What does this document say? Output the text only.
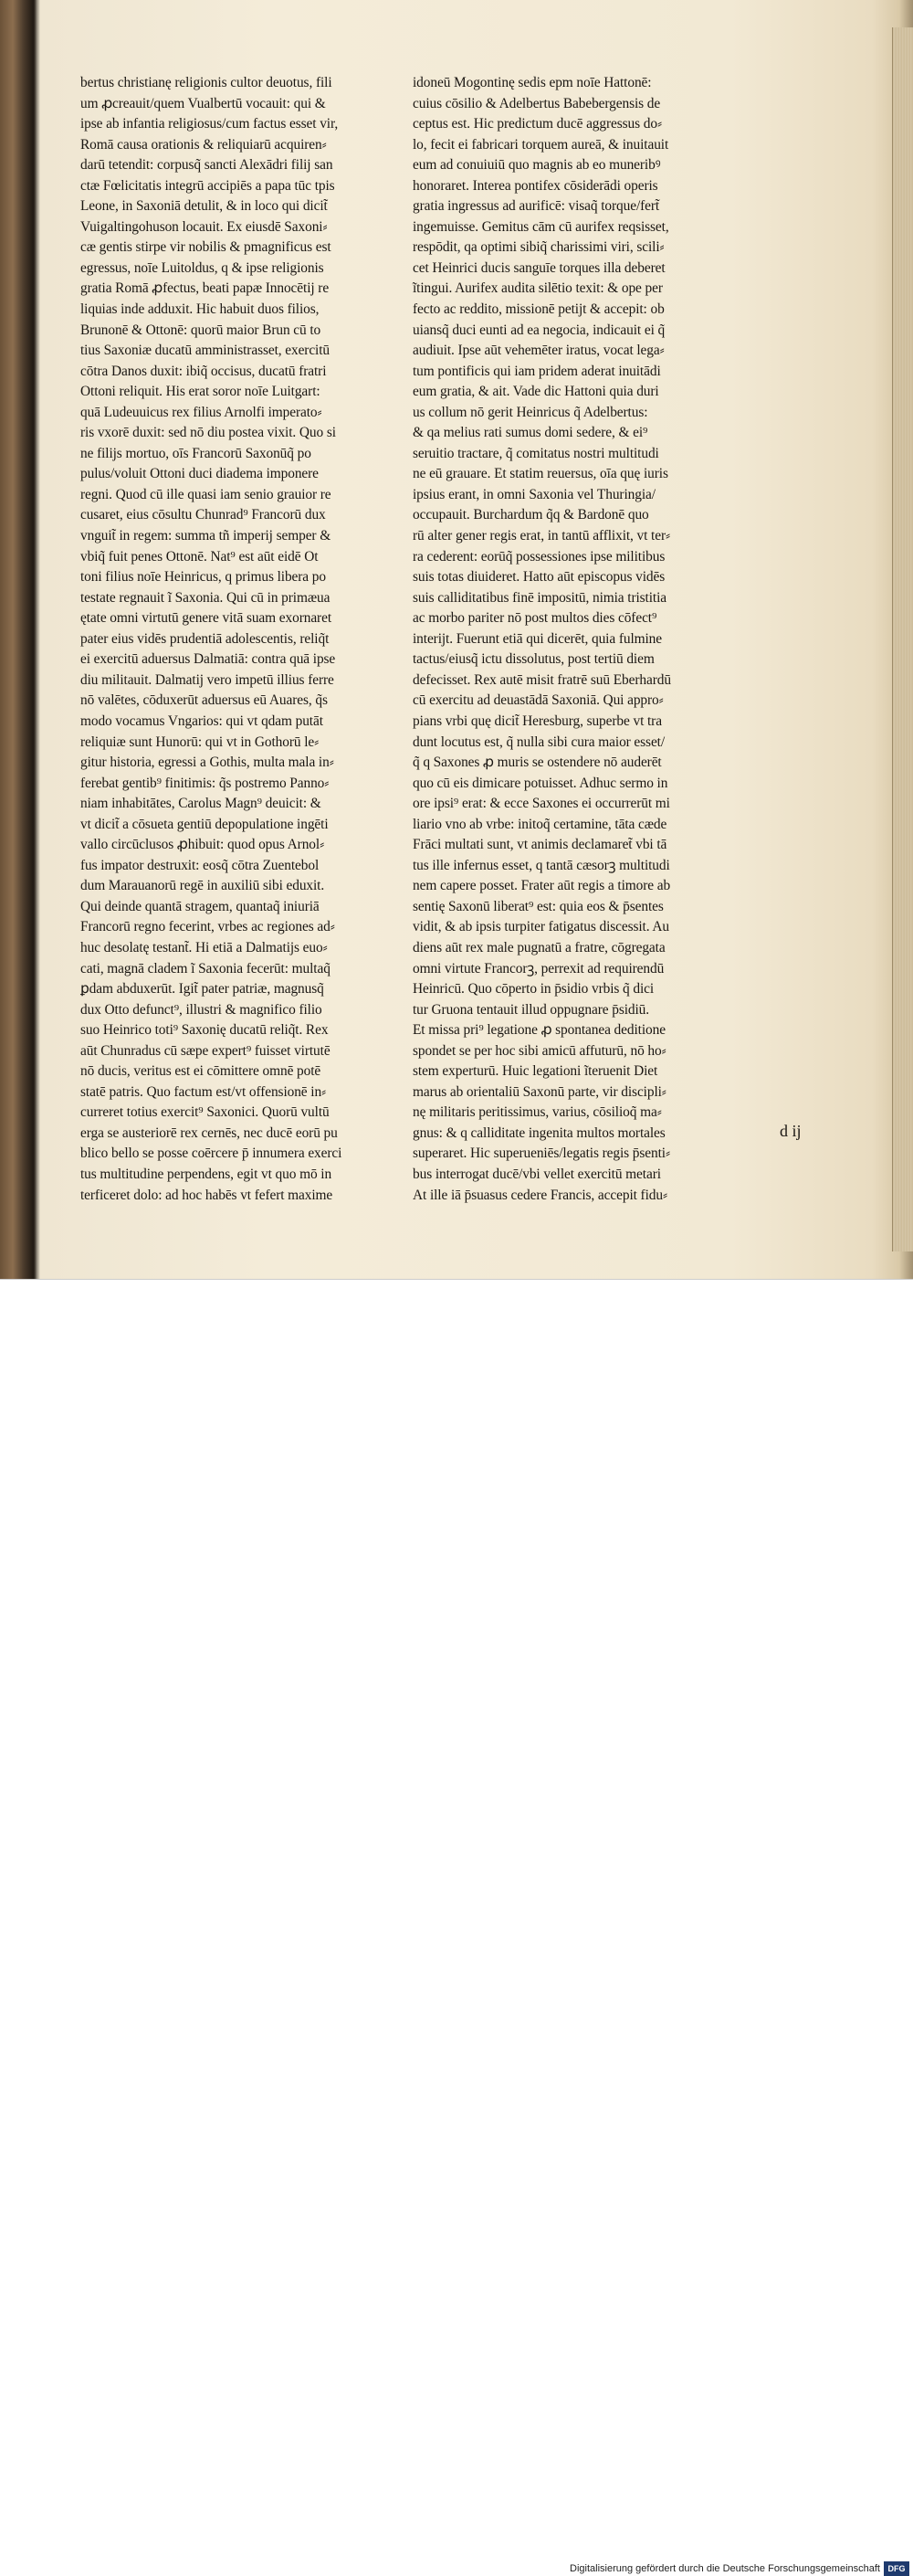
bertus christianę religionis cultor deuotus, fili
um ꝓcreauit/quem Vualbertū vocauit: qui &
ipse ab infantia religiosus/cum factus esset vir,
Romā causa orationis & reliquiarū acquiren⸗
darū tetendit: corpusq̃ sancti Alexādri filij san
ctæ Fœlicitatis integrū accipiēs a papa tūc tpis
Leone, in Saxoniā detulit, & in loco qui dicit̃
Vuigaltingohuson locauit. Ex eiusdē Saxoni⸗
cæ gentis stirpe vir nobilis & pmagnificus est
egressus, noīe Luitoldus, q & ipse religionis
gratia Romā ꝓfectus, beati papæ Innocētij re
liquias inde adduxit. Hic habuit duos filios,
Brunonē & Ottonē: quorū maior Brun cū to
tius Saxoniæ ducatū amministrasset, exercitū
cōtra Danos duxit: ibiq̃ occisus, ducatū fratri
Ottoni reliquit. His erat soror noīe Luitgart:
quā Ludeuuicus rex filius Arnolfi imperato⸗
ris vxorē duxit: sed nō diu postea vixit. Quo si
ne filijs mortuo, oīs Francorū Saxonūq̃ po
pulus/voluit Ottoni duci diadema imponere
regni. Quod cū ille quasi iam senio grauior re
cusaret, eius cōsultu Chunrad⁹ Francorū dux
vnguit̃ in regem: summa tñ imperij semper &
vbiq̃ fuit penes Ottonē. Nat⁹ est aūt eidē Ot
toni filius noīe Heinricus, q primus libera po
testate regnauit ĩ Saxonia. Qui cū in primæua
ętate omni virtutū genere vitā suam exornaret
pater eius vidēs prudentiā adolescentis, reliq̃t
ei exercitū aduersus Dalmatiā: contra quā ipse
diu militauit. Dalmatij vero impetū illius ferre
nō valētes, cōduxerūt aduersus eū Auares, q̃s
modo vocamus Vngarios: qui vt qdam putāt
reliquiæ sunt Hunorū: qui vt in Gothorū le⸗
gitur historia, egressi a Gothis, multa mala in⸗
ferebat gentib⁹ finitimis: q̃s postremo Panno⸗
niam inhabitātes, Carolus Magn⁹ deuicit: &
vt dicit̃ a cōsueta gentiū depopulatione ingēti
vallo circūclusos ꝓhibuit: quod opus Arnol⸗
fus impator destruxit: eosq̃ cōtra Zuentebol
dum Marauanorū regē in auxiliū sibi eduxit.
Qui deinde quantā stragem, quantaq̃ iniuriā
Francorū regno fecerint, vrbes ac regiones ad⸗
huc desolatę testant̃. Hi etiā a Dalmatijs euo⸗
cati, magnā cladem ĩ Saxonia fecerūt: multaq̃
ꝑdam abduxerūt. Igit̃ pater patriæ, magnusq̃
dux Otto defunct⁹, illustri & magnifico filio
suo Heinrico toti⁹ Saxonię ducatū reliq̃t. Rex
aūt Chunradus cū sæpe expert⁹ fuisset virtutē
nō ducis, veritus est ei cōmittere omnē potē
statē patris. Quo factum est/vt offensionē in⸗
curreret totius exercit⁹ Saxonici. Quorū vultū
erga se austeriorē rex cernēs, nec ducē eorū pu
blico bello se posse coērcere p̄ innumera exerci
tus multitudine perpendens, egit vt quo mō in
terficeret dolo: ad hoc habēs vt fefert maxime
idoneū Mogontinę sedis epm noīe Hattonē:
cuius cōsilio & Adelbertus Babebergensis de
ceptus est. Hic predictum ducē aggressus do⸗
lo, fecit ei fabricari torquem aureā, & inuitauit
eum ad conuiuiū quo magnis ab eo muneribꝰ
honoraret. Interea pontifex cōsiderādi operis
gratia ingressus ad aurificē: visaq̃ torque/fert̃
ingemuisse. Gemitus cām cū aurifex reqsisset,
respōdit, qa optimi sibiq̃ charissimi viri, scili⸗
cet Heinrici ducis sanguīe torques illa deberet
ĩtingui. Aurifex audita silētio texit: & ope per
fecto ac reddito, missionē petijt & accepit: ob
uiansq̃ duci eunti ad ea negocia, indicauit ei q̃
audiuit. Ipse aūt vehemēter iratus, vocat lega⸗
tum pontificis qui iam pridem aderat inuitādi
eum gratia, & ait. Vade dic Hattoni quia duri
us collum nō gerit Heinricus q̃ Adelbertus:
& qa melius rati sumus domi sedere, & ei⁹
seruitio tractare, q̃ comitatus nostri multitudi
ne eū grauare. Et statim reuersus, oīa quę iuris
ipsius erant, in omni Saxonia vel Thuringia/
occupauit. Burchardum q̃q & Bardonē quo
rū alter gener regis erat, in tantū afflixit, vt ter⸗
ra cederent: eorūq̃ possessiones ipse militibus
suis totas diuideret. Hatto aūt episcopus vidēs
suis calliditatibus finē impositū, nimia tristitia
ac morbo pariter nō post multos dies cōfect⁹
interijt. Fuerunt etiā qui dicerēt, quia fulmine
tactus/eiusq̃ ictu dissolutus, post tertiū diem
defecisset. Rex autē misit fratrē suū Eberhardū
cū exercitu ad deuastādā Saxoniā. Qui appro⸗
pians vrbi quę dicit̃ Heresburg, superbe vt tra
dunt locutus est, q̃ nulla sibi cura maior esset/
q̃ q Saxones ꝓ muris se ostendere nō auderēt
quo cū eis dimicare potuisset. Adhuc sermo in
ore ipsi⁹ erat: & ecce Saxones ei occurrerūt mi
liario vno ab vrbe: initoq̃ certamine, tāta cæde
Frāci multati sunt, vt animis declamaret̃ vbi tā
tus ille infernus esset, q tantā cæsorꝫ multitudi
nem capere posset. Frater aūt regis a timore ab
sentię Saxonū liberat⁹ est: quia eos & p̄sentes
vidit, & ab ipsis turpiter fatigatus discessit. Au
diens aūt rex male pugnatū a fratre, cōgregata
omni virtute Francorꝫ, perrexit ad requirendū
Heinricū. Quo cōperto in p̄sidio vrbis q̃ dici
tur Gruona tentauit illud oppugnare p̄sidiū.
Et missa pri⁹ legatione ꝓ spontanea deditione
spondet se per hoc sibi amicū affuturū, nō ho⸗
stem experturū. Huic legationi ĩteruenit Diet
marus ab orientaliū Saxonū parte, vir discipli⸗
nę militaris peritissimus, varius, cōsilioq̃ ma⸗
gnus: & q calliditate ingenita multos mortales
superaret. Hic superueniēs/legatis regis p̄senti⸗
bus interrogat ducē/vbi vellet exercitū metari
At ille iā p̄suasus cedere Francis, accepit fidu⸗
d ij
Digitalisierung gefördert durch die Deutsche Forschungsgemeinschaft DFG
